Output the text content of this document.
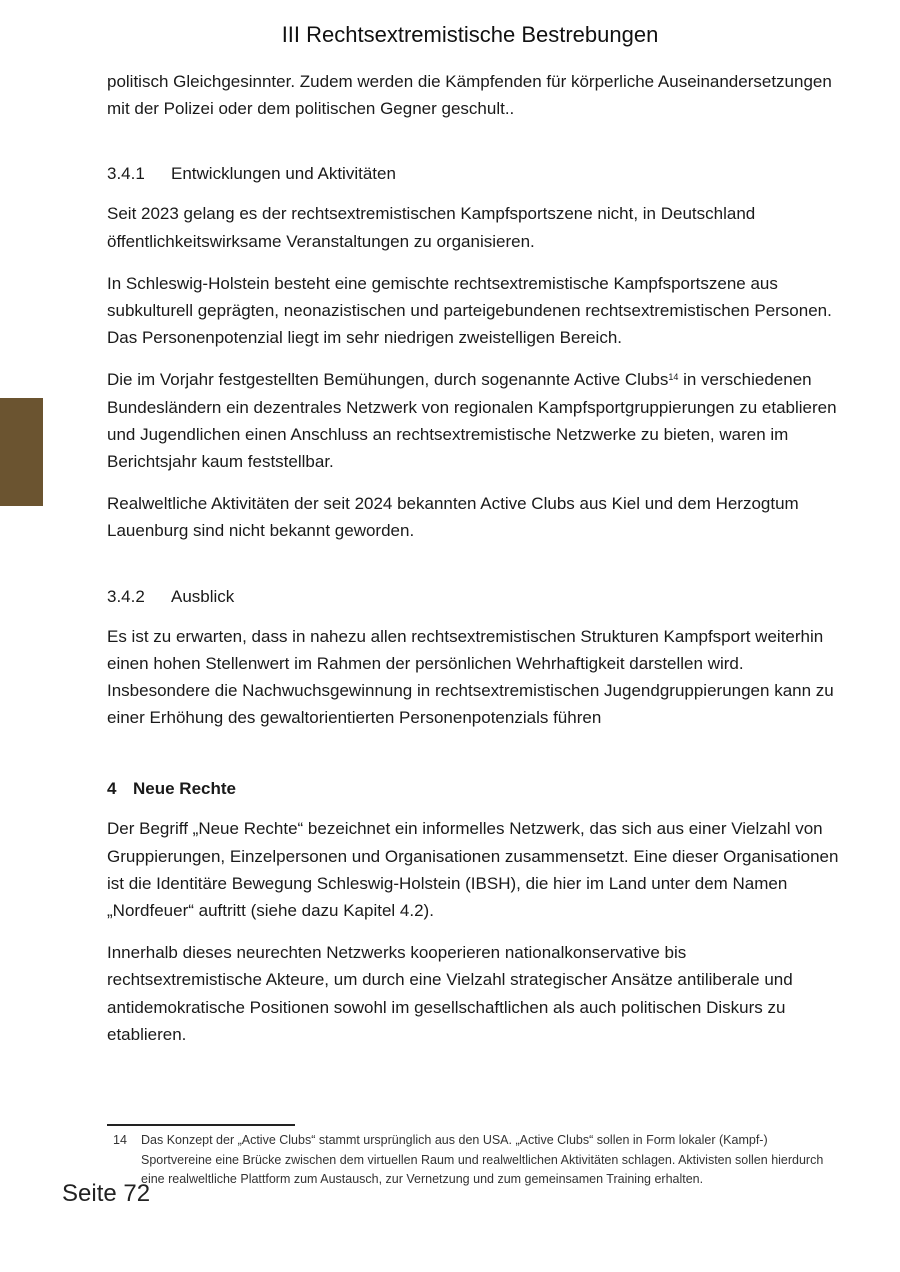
III Rechtsextremistische Bestrebungen

politisch Gleichgesinnter. Zudem werden die Kämpfenden für körperliche Auseinandersetzungen mit der Polizei oder dem politischen Gegner geschult..

3.4.1 Entwicklungen und Aktivitäten

Seit 2023 gelang es der rechtsextremistischen Kampfsportszene nicht, in Deutschland öffentlichkeitswirksame Veranstaltungen zu organisieren.

In Schleswig-Holstein besteht eine gemischte rechtsextremistische Kampfsportszene aus subkulturell geprägten, neonazistischen und parteigebundenen rechtsextremistischen Personen. Das Personenpotenzial liegt im sehr niedrigen zweistelligen Bereich.

Die im Vorjahr festgestellten Bemühungen, durch sogenannte Active Clubs$^{14}$ in verschiedenen Bundesländern ein dezentrales Netzwerk von regionalen Kampfsportgruppierungen zu etablieren und Jugendlichen einen Anschluss an rechtsextremistische Netzwerke zu bieten, waren im Berichtsjahr kaum feststellbar.

Realweltliche Aktivitäten der seit 2024 bekannten Active Clubs aus Kiel und dem Herzogtum Lauenburg sind nicht bekannt geworden.

3.4.2 Ausblick

Es ist zu erwarten, dass in nahezu allen rechtsextremistischen Strukturen Kampfsport weiterhin einen hohen Stellenwert im Rahmen der persönlichen Wehrhaftigkeit darstellen wird. Insbesondere die Nachwuchsgewinnung in rechtsextremistischen Jugendgruppierungen kann zu einer Erhöhung des gewaltorientierten Personenpotenzials führen

4 Neue Rechte

Der Begriff „Neue Rechte“ bezeichnet ein informelles Netzwerk, das sich aus einer Vielzahl von Gruppierungen, Einzelpersonen und Organisationen zusammensetzt. Eine dieser Organisationen ist die Identitäre Bewegung Schleswig-Holstein (IBSH), die hier im Land unter dem Namen „Nordfeuer“ auftritt (siehe dazu Kapitel 4.2).

Innerhalb dieses neurechten Netzwerks kooperieren nationalkonservative bis rechtsextremistische Akteure, um durch eine Vielzahl strategischer Ansätze antiliberale und antidemokratische Positionen sowohl im gesellschaftlichen als auch politischen Diskurs zu etablieren.

14 Das Konzept der „Active Clubs“ stammt ursprünglich aus den USA. „Active Clubs“ sollen in Form lokaler (Kampf-) Sportvereine eine Brücke zwischen dem virtuellen Raum und realweltlichen Aktivitäten schlagen. Aktivisten sollen hierdurch eine realweltliche Plattform zum Austausch, zur Vernetzung und zum gemeinsamen Training erhalten.
Seite 72
